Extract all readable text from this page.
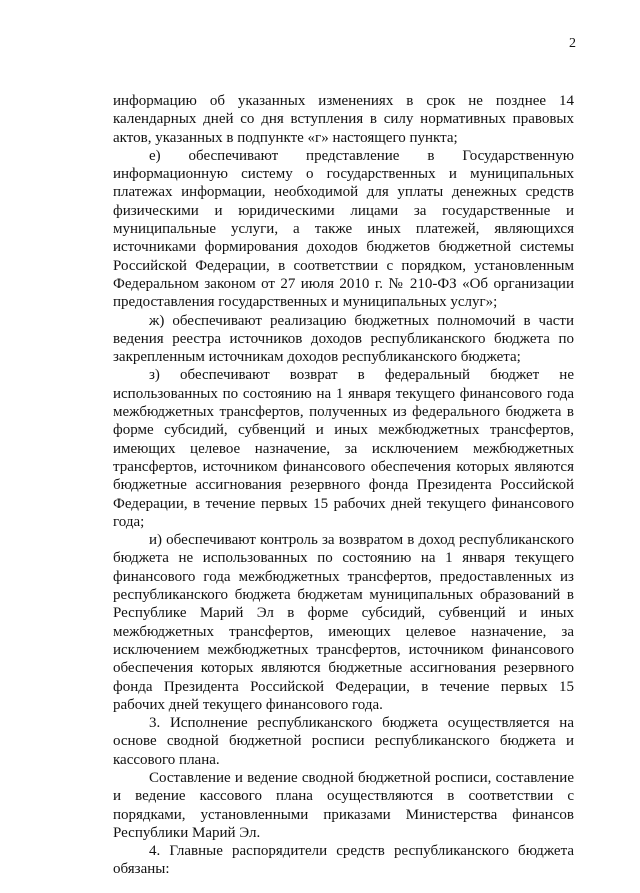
2

информацию об указанных изменениях в срок не позднее 14 календарных дней со дня вступления в силу нормативных правовых актов, указанных в подпункте «г» настоящего пункта;

е) обеспечивают представление в Государственную информационную систему о государственных и муниципальных платежах информации, необходимой для уплаты денежных средств физическими и юридическими лицами за государственные и муниципальные услуги, а также иных платежей, являющихся источниками формирования доходов бюджетов бюджетной системы Российской Федерации, в соответствии с порядком, установленным Федеральном законом от 27 июля 2010 г. № 210-ФЗ «Об организации предоставления государственных и муниципальных услуг»;

ж) обеспечивают реализацию бюджетных полномочий в части ведения реестра источников доходов республиканского бюджета по закрепленным источникам доходов республиканского бюджета;

з) обеспечивают возврат в федеральный бюджет не использованных по состоянию на 1 января текущего финансового года межбюджетных трансфертов, полученных из федерального бюджета в форме субсидий, субвенций и иных межбюджетных трансфертов, имеющих целевое назначение, за исключением межбюджетных трансфертов, источником финансового обеспечения которых являются бюджетные ассигнования резервного фонда Президента Российской Федерации, в течение первых 15 рабочих дней текущего финансового года;

и) обеспечивают контроль за возвратом в доход республиканского бюджета не использованных по состоянию на 1 января текущего финансового года межбюджетных трансфертов, предоставленных из республиканского бюджета бюджетам муниципальных образований в Республике Марий Эл в форме субсидий, субвенций и иных межбюджетных трансфертов, имеющих целевое назначение, за исключением межбюджетных трансфертов, источником финансового обеспечения которых являются бюджетные ассигнования резервного фонда Президента Российской Федерации, в течение первых 15 рабочих дней текущего финансового года.

3. Исполнение республиканского бюджета осуществляется на основе сводной бюджетной росписи республиканского бюджета и кассового плана.

Составление и ведение сводной бюджетной росписи, составление и ведение кассового плана осуществляются в соответствии с порядками, установленными приказами Министерства финансов Республики Марий Эл.

4. Главные распорядители средств республиканского бюджета обязаны:
